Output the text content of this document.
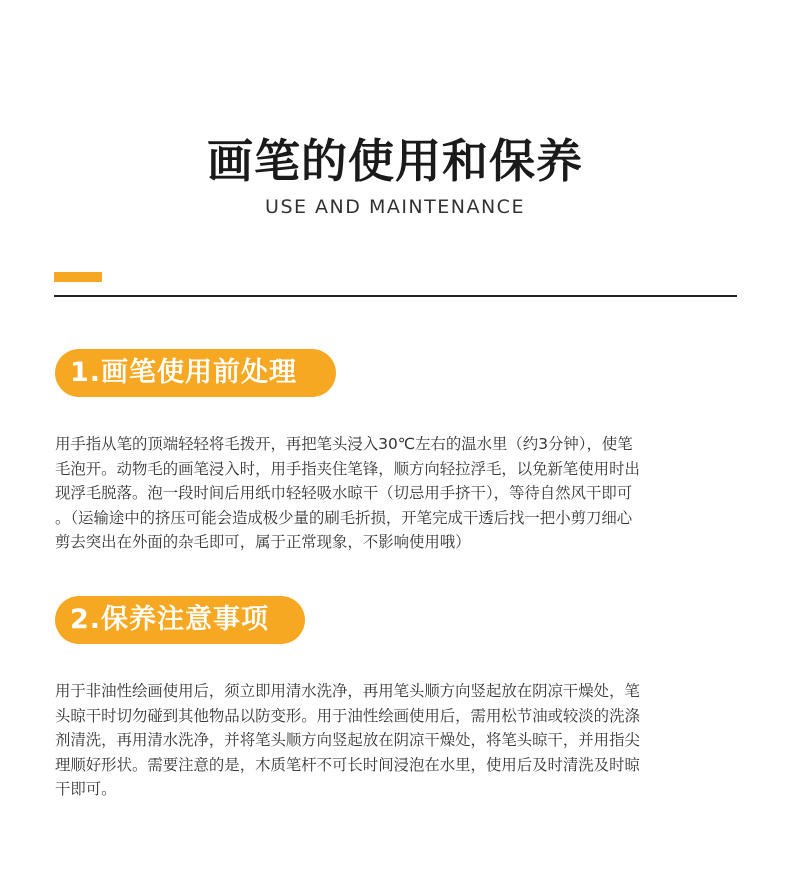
画笔的使用和保养
USE AND MAINTENANCE
1.画笔使用前处理

用手指从笔的顶端轻轻将毛拨开，再把笔头浸入30℃左右的温水里（约3分钟），使笔
毛泡开。动物毛的画笔浸入时，用手指夹住笔锋，顺方向轻拉浮毛，以免新笔使用时出
现浮毛脱落。泡一段时间后用纸巾轻轻吸水晾干（切忌用手挤干），等待自然风干即可
。（运输途中的挤压可能会造成极少量的刷毛折损，开笔完成干透后找一把小剪刀细心
剪去突出在外面的杂毛即可，属于正常现象，不影响使用哦）

2.保养注意事项

用于非油性绘画使用后，须立即用清水洗净，再用笔头顺方向竖起放在阴凉干燥处，笔
头晾干时切勿碰到其他物品以防变形。用于油性绘画使用后，需用松节油或较淡的洗涤
剂清洗，再用清水洗净，并将笔头顺方向竖起放在阴凉干燥处，将笔头晾干，并用指尖
理顺好形状。需要注意的是，木质笔杆不可长时间浸泡在水里，使用后及时清洗及时晾
干即可。
